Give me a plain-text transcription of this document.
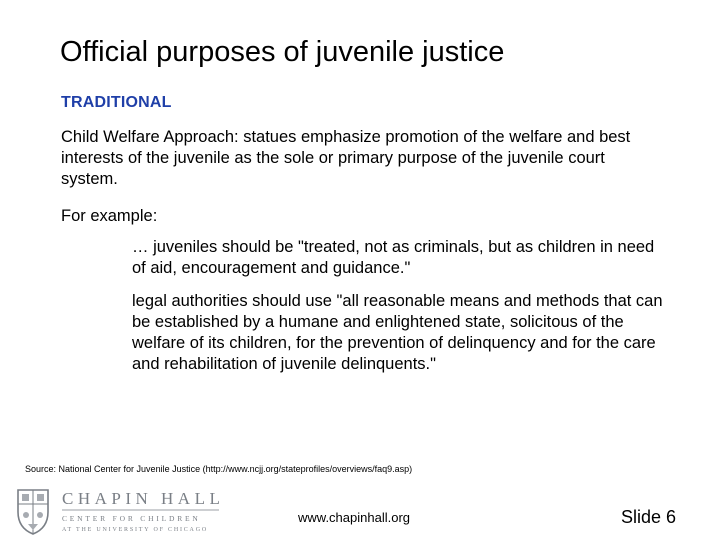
Official purposes of juvenile justice
TRADITIONAL
Child Welfare Approach: statues emphasize promotion of the welfare and best interests of the juvenile as the sole or primary purpose of the juvenile court system.
For example:
… juveniles should be "treated, not as criminals, but as children in need of aid, encouragement and guidance."
legal authorities should use "all reasonable means and methods that can be established by a humane and enlightened state, solicitous of the welfare of its children, for the prevention of delinquency and for the care and rehabilitation of juvenile delinquents."
Source: National Center for Juvenile Justice (http://www.ncjj.org/stateprofiles/overviews/faq9.asp)
CHAPIN HALL
CENTER FOR CHILDREN
AT THE UNIVERSITY OF CHICAGO
www.chapinhall.org	Slide 6
